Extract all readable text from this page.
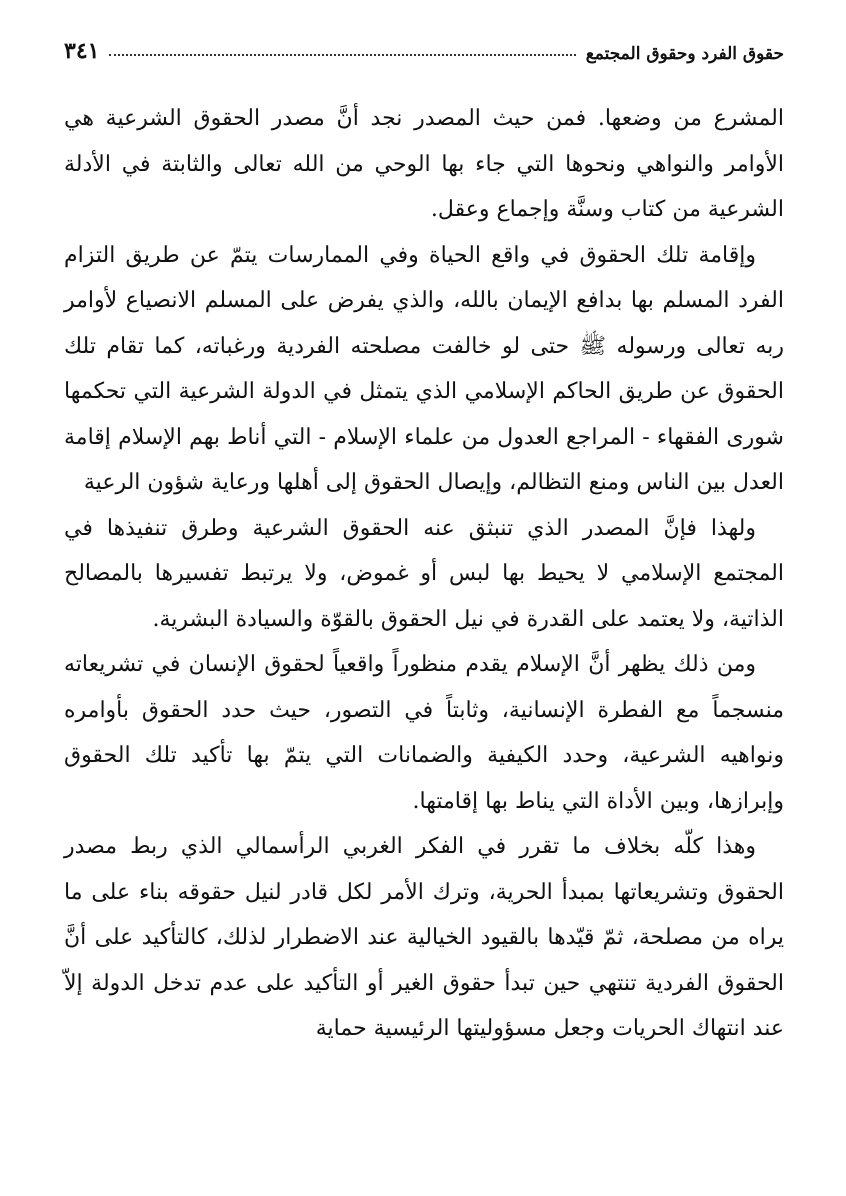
حقوق الفرد وحقوق المجتمع
٣٤١

المشرع من وضعها. فمن حيث المصدر نجد أنَّ مصدر الحقوق الشرعية هي الأوامر والنواهي ونحوها التي جاء بها الوحي من الله تعالى والثابتة في الأدلة الشرعية من كتاب وسنَّة وإجماع وعقل.

وإقامة تلك الحقوق في واقع الحياة وفي الممارسات يتمّ عن طريق التزام الفرد المسلم بها بدافع الإيمان بالله، والذي يفرض على المسلم الانصياع لأوامر ربه تعالى ورسوله ﷺ حتى لو خالفت مصلحته الفردية ورغباته، كما تقام تلك الحقوق عن طريق الحاكم الإسلامي الذي يتمثل في الدولة الشرعية التي تحكمها شورى الفقهاء - المراجع العدول من علماء الإسلام - التي أناط بهم الإسلام إقامة العدل بين الناس ومنع التظالم، وإيصال الحقوق إلى أهلها ورعاية شؤون الرعية

ولهذا فإنَّ المصدر الذي تنبثق عنه الحقوق الشرعية وطرق تنفيذها في المجتمع الإسلامي لا يحيط بها لبس أو غموض، ولا يرتبط تفسيرها بالمصالح الذاتية، ولا يعتمد على القدرة في نيل الحقوق بالقوّة والسيادة البشرية.

ومن ذلك يظهر أنَّ الإسلام يقدم منظوراً واقعياً لحقوق الإنسان في تشريعاته منسجماً مع الفطرة الإنسانية، وثابتاً في التصور، حيث حدد الحقوق بأوامره ونواهيه الشرعية، وحدد الكيفية والضمانات التي يتمّ بها تأكيد تلك الحقوق وإبرازها، وبين الأداة التي يناط بها إقامتها.

وهذا كلّه بخلاف ما تقرر في الفكر الغربي الرأسمالي الذي ربط مصدر الحقوق وتشريعاتها بمبدأ الحرية، وترك الأمر لكل قادر لنيل حقوقه بناء على ما يراه من مصلحة، ثمّ قيّدها بالقيود الخيالية عند الاضطرار لذلك، كالتأكيد على أنَّ الحقوق الفردية تنتهي حين تبدأ حقوق الغير أو التأكيد على عدم تدخل الدولة إلاّ عند انتهاك الحريات وجعل مسؤوليتها الرئيسية حماية
